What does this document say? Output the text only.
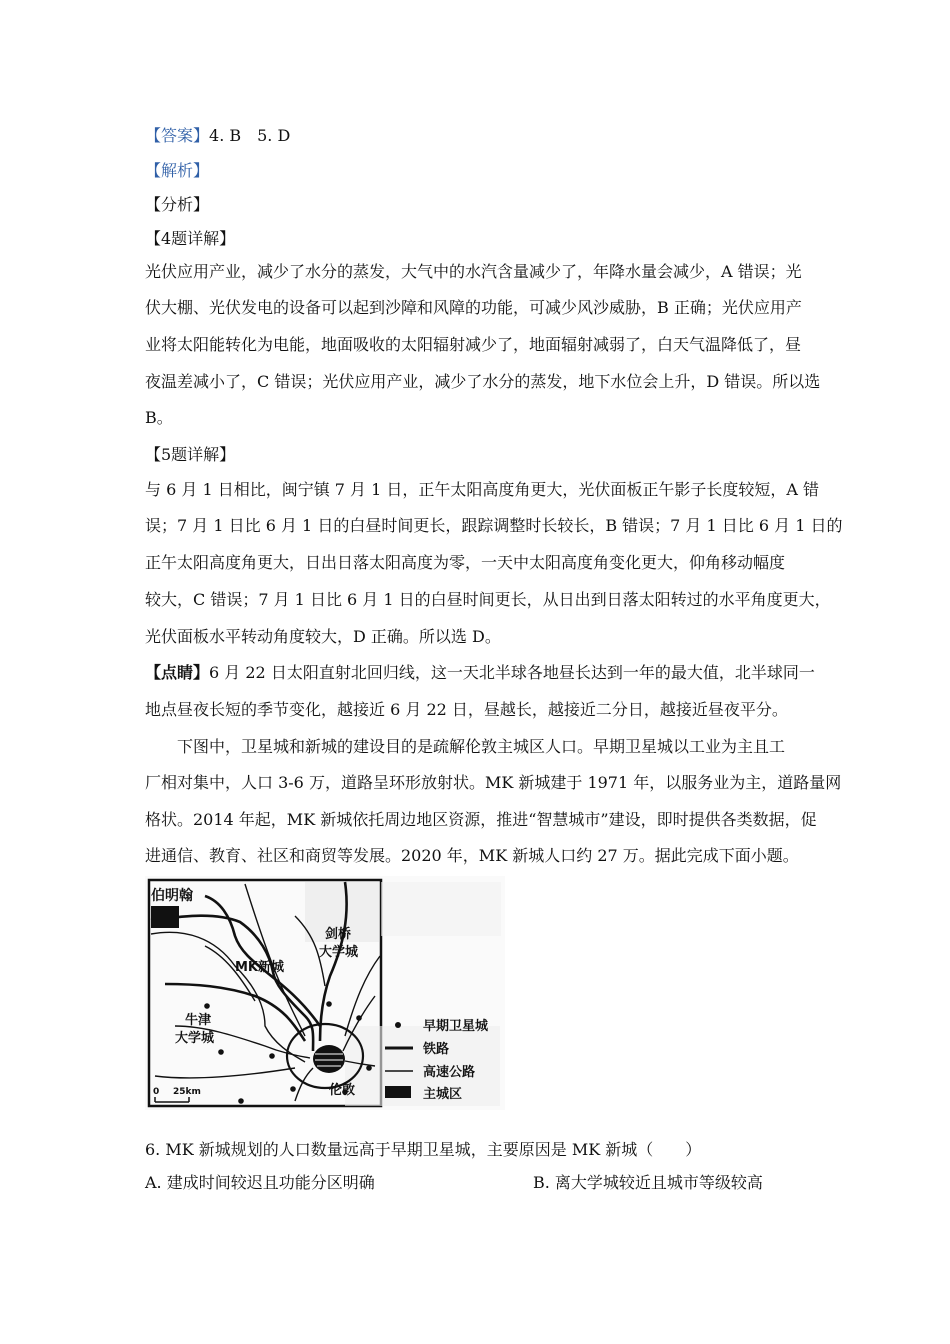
【答案】4. B　5. D
【解析】
【分析】
【4题详解】
光伏应用产业，减少了水分的蒸发，大气中的水汽含量减少了，年降水量会减少，A 错误；光
伏大棚、光伏发电的设备可以起到沙障和风障的功能，可减少风沙威胁，B 正确；光伏应用产
业将太阳能转化为电能，地面吸收的太阳辐射减少了，地面辐射减弱了，白天气温降低了，昼
夜温差减小了，C 错误；光伏应用产业，减少了水分的蒸发，地下水位会上升，D 错误。所以选
B。
【5题详解】
与 6 月 1 日相比，闽宁镇 7 月 1 日，正午太阳高度角更大，光伏面板正午影子长度较短，A 错
误；7 月 1 日比 6 月 1 日的白昼时间更长，跟踪调整时长较长，B 错误；7 月 1 日比 6 月 1 日的
正午太阳高度角更大，日出日落太阳高度为零，一天中太阳高度角变化更大，仰角移动幅度
较大，C 错误；7 月 1 日比 6 月 1 日的白昼时间更长，从日出到日落太阳转过的水平角度更大，
光伏面板水平转动角度较大，D 正确。所以选 D。
【点睛】6 月 22 日太阳直射北回归线，这一天北半球各地昼长达到一年的最大值，北半球同一
地点昼夜长短的季节变化，越接近 6 月 22 日，昼越长，越接近二分日，越接近昼夜平分。
　　下图中，卫星城和新城的建设目的是疏解伦敦主城区人口。早期卫星城以工业为主且工
厂相对集中，人口 3-6 万，道路呈环形放射状。MK 新城建于 1971 年，以服务业为主，道路量网
格状。2014 年起，MK 新城依托周边地区资源，推进“智慧城市”建设，即时提供各类数据，促
进通信、教育、社区和商贸等发展。2020 年，MK 新城人口约 27 万。据此完成下面小题。
伯明翰
剑桥
大学城
MK新城
牛津
大学城
伦敦
0 25km
早期卫星城
铁路
高速公路
主城区
6. MK 新城规划的人口数量远高于早期卫星城，主要原因是 MK 新城（　　）
A. 建成时间较迟且功能分区明确	B. 离大学城较近且城市等级较高
